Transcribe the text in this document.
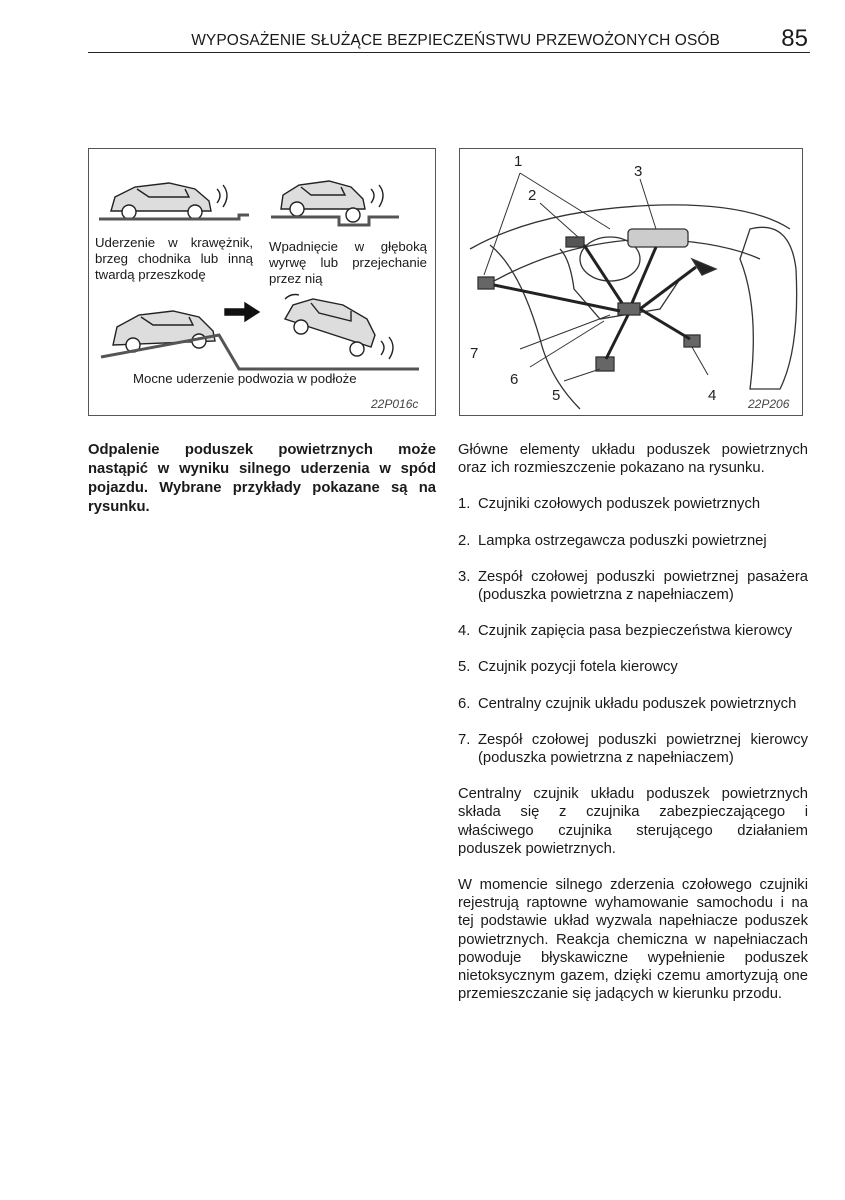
WYPOSAŻENIE SŁUŻĄCE BEZPIECZEŃSTWU PRZEWOŻONYCH OSÓB	85
Uderzenie w krawężnik, brzeg chodnika lub inną twardą przeszkodę
Wpadnięcie w głęboką wyrwę lub przejechanie przez nią
Mocne uderzenie podwozia w podłoże
22P016c
1
2
3
4
5
6
7
22P206
Odpalenie poduszek powietrznych może nastąpić w wyniku silnego uderzenia w spód pojazdu. Wybrane przykłady pokazane są na rysunku.

Główne elementy układu poduszek powietrznych oraz ich rozmieszczenie pokazano na rysunku.

1. Czujniki czołowych poduszek powietrznych
2. Lampka ostrzegawcza poduszki powietrznej
3. Zespół czołowej poduszki powietrznej pasażera (poduszka powietrzna z napełniaczem)
4. Czujnik zapięcia pasa bezpieczeństwa kierowcy
5. Czujnik pozycji fotela kierowcy
6. Centralny czujnik układu poduszek powietrznych
7. Zespół czołowej poduszki powietrznej kierowcy (poduszka powietrzna z napełniaczem)

Centralny czujnik układu poduszek powietrznych składa się z czujnika zabezpieczającego i właściwego czujnika sterującego działaniem poduszek powietrznych.

W momencie silnego zderzenia czołowego czujniki rejestrują raptowne wyhamowanie samochodu i na tej podstawie układ wyzwala napełniacze poduszek powietrznych. Reakcja chemiczna w napełniaczach powoduje błyskawiczne wypełnienie poduszek nietoksycznym gazem, dzięki czemu amortyzują one przemieszczanie się jadących w kierunku przodu.
